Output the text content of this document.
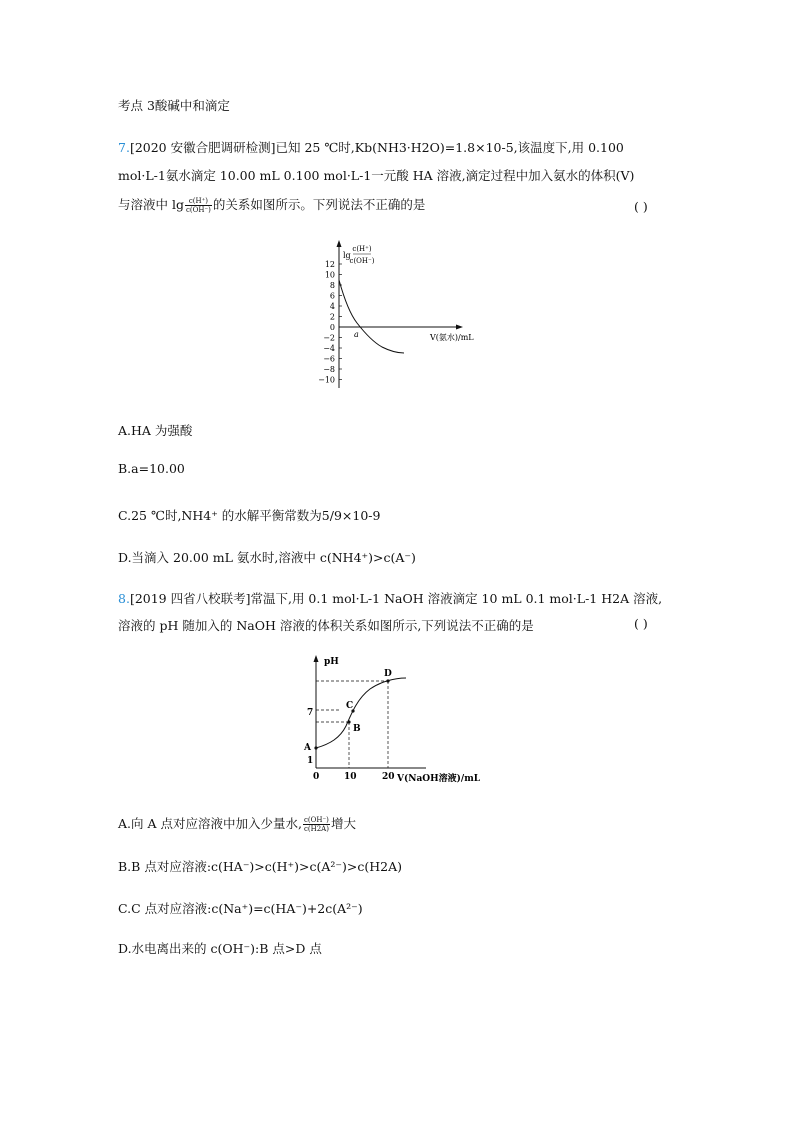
考点 3酸碱中和滴定
7.[2020 安徽合肥调研检测]已知 25 ℃时,Kb(NH3·H2O)=1.8×10-5,该温度下,用 0.100
mol·L-1氨水滴定 10.00 mL 0.100 mol·L-1一元酸 HA 溶液,滴定过程中加入氨水的体积(V)
与溶液中 $\lg \frac{c(H^+)}{c(OH^-)}$ 的关系如图所示。下列说法不正确的是	( )
lg
c(H⁺)
c(OH⁻)
12
10
8
6
4
2
0
−2
−4
−6
−8
−10
a	V(氨水)/mL
A.HA 为强酸
B.a=10.00
C.25 ℃时,NH4⁺ 的水解平衡常数为5/9×10-9
D.当滴入 20.00 mL 氨水时,溶液中 c(NH4⁺)>c(A⁻)
8.[2019 四省八校联考]常温下,用 0.1 mol·L-1 NaOH 溶液滴定 10 mL 0.1 mol·L-1 H2A 溶液,
溶液的 pH 随加入的 NaOH 溶液的体积关系如图所示,下列说法不正确的是	( )
pH
A
B
C
D
7
1
0	10	20 V(NaOH溶液)/mL
A.向 A 点对应溶液中加入少量水, $\frac{c(OH^-)}{c(H2A)}$ 增大
B.B 点对应溶液:c(HA⁻)>c(H⁺)>c(A²⁻)>c(H2A)
C.C 点对应溶液:c(Na⁺)=c(HA⁻)+2c(A²⁻)
D.水电离出来的 c(OH⁻):B 点>D 点
